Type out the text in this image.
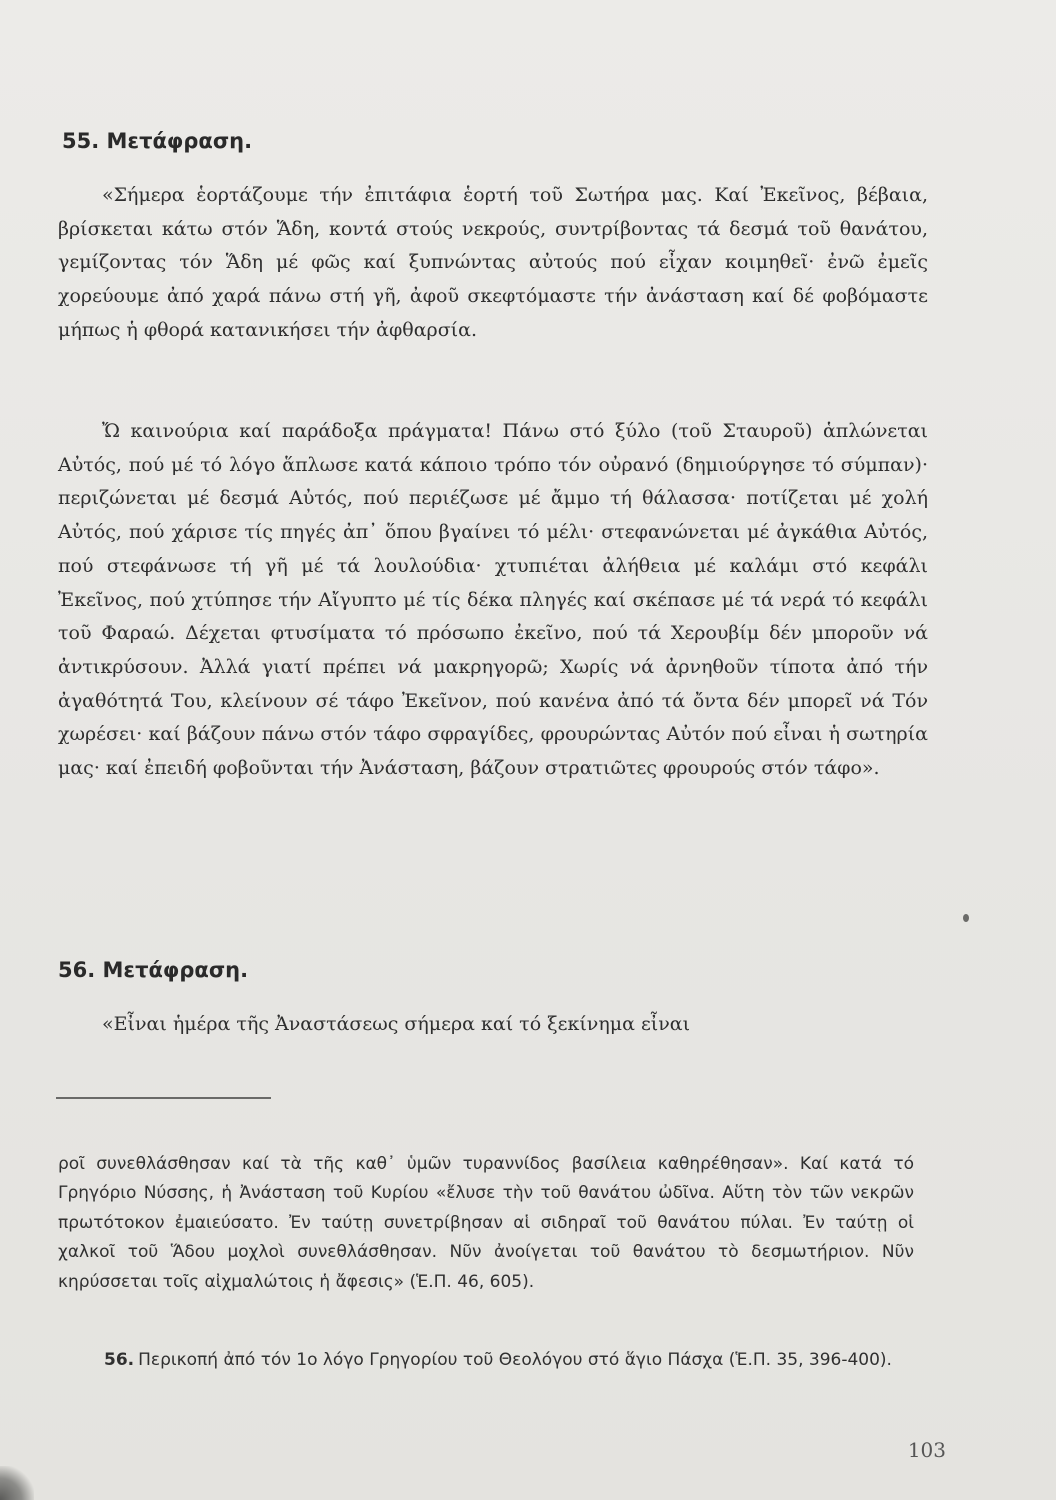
55. Μετάφραση.

«Σήμερα ἑορτάζουμε τήν ἐπιτάφια ἑορτή τοῦ Σωτήρα μας. Καί Ἐκεῖνος, βέβαια, βρίσκεται κάτω στόν Ἅδη, κοντά στούς νεκρούς, συντρίβοντας τά δεσμά τοῦ θανάτου, γεμίζοντας τόν Ἅδη μέ φῶς καί ξυπνώντας αὐτούς πού εἶχαν κοιμηθεῖ· ἐνῶ ἐμεῖς χορεύουμε ἀπό χαρά πάνω στή γῆ, ἀφοῦ σκεφτόμαστε τήν ἀνάσταση καί δέ φοβόμαστε μήπως ἡ φθορά κατανικήσει τήν ἀφθαρσία.

Ὤ καινούρια καί παράδοξα πράγματα! Πάνω στό ξύλο (τοῦ Σταυροῦ) ἁπλώνεται Αὐτός, πού μέ τό λόγο ἅπλωσε κατά κάποιο τρόπο τόν οὐρανό (δημιούργησε τό σύμπαν)· περιζώνεται μέ δεσμά Αὐτός, πού περιέζωσε μέ ἄμμο τή θάλασσα· ποτίζεται μέ χολή Αὐτός, πού χάρισε τίς πηγές ἀπ᾿ ὅπου βγαίνει τό μέλι· στεφανώνεται μέ ἀγκάθια Αὐτός, πού στεφάνωσε τή γῆ μέ τά λουλούδια· χτυπιέται ἀλήθεια μέ καλάμι στό κεφάλι Ἐκεῖνος, πού χτύπησε τήν Αἴγυπτο μέ τίς δέκα πληγές καί σκέπασε μέ τά νερά τό κεφάλι τοῦ Φαραώ. Δέχεται φτυσίματα τό πρόσωπο ἐκεῖνο, πού τά Χερουβίμ δέν μποροῦν νά ἀντικρύσουν. Ἀλλά γιατί πρέπει νά μακρηγορῶ; Χωρίς νά ἀρνηθοῦν τίποτα ἀπό τήν ἀγαθότητά Του, κλείνουν σέ τάφο Ἐκεῖνον, πού κανένα ἀπό τά ὄντα δέν μπορεῖ νά Τόν χωρέσει· καί βάζουν πάνω στόν τάφο σφραγίδες, φρουρώντας Αὐτόν πού εἶναι ἡ σωτηρία μας· καί ἐπειδή φοβοῦνται τήν Ἀνάσταση, βάζουν στρατιῶτες φρουρούς στόν τάφο».

56. Μετάφραση.

«Εἶναι ἡμέρα τῆς Ἀναστάσεως σήμερα καί τό ξεκίνημα εἶναι

ροῖ συνεθλάσθησαν καί τὰ τῆς καθ᾿ ὑμῶν τυραννίδος βασίλεια καθηρέθησαν». Καί κατά τό Γρηγόριο Νύσσης, ἡ Ἀνάσταση τοῦ Κυρίου «ἔλυσε τὴν τοῦ θανάτου ὠδῖνα. Αὕτη τὸν τῶν νεκρῶν πρωτότοκον ἐμαιεύσατο. Ἐν ταύτῃ συνετρίβησαν αἱ σιδηραῖ τοῦ θανάτου πύλαι. Ἐν ταύτῃ οἱ χαλκοῖ τοῦ Ἅδου μοχλοὶ συνεθλάσθησαν. Νῦν ἀνοίγεται τοῦ θανάτου τὸ δεσμωτήριον. Νῦν κηρύσσεται τοῖς αἰχμαλώτοις ἡ ἄφεσις» (Ἑ.Π. 46, 605).

56. Περικοπή ἀπό τόν 1ο λόγο Γρηγορίου τοῦ Θεολόγου στό ἅγιο Πάσχα (Ἑ.Π. 35, 396-400).

103
